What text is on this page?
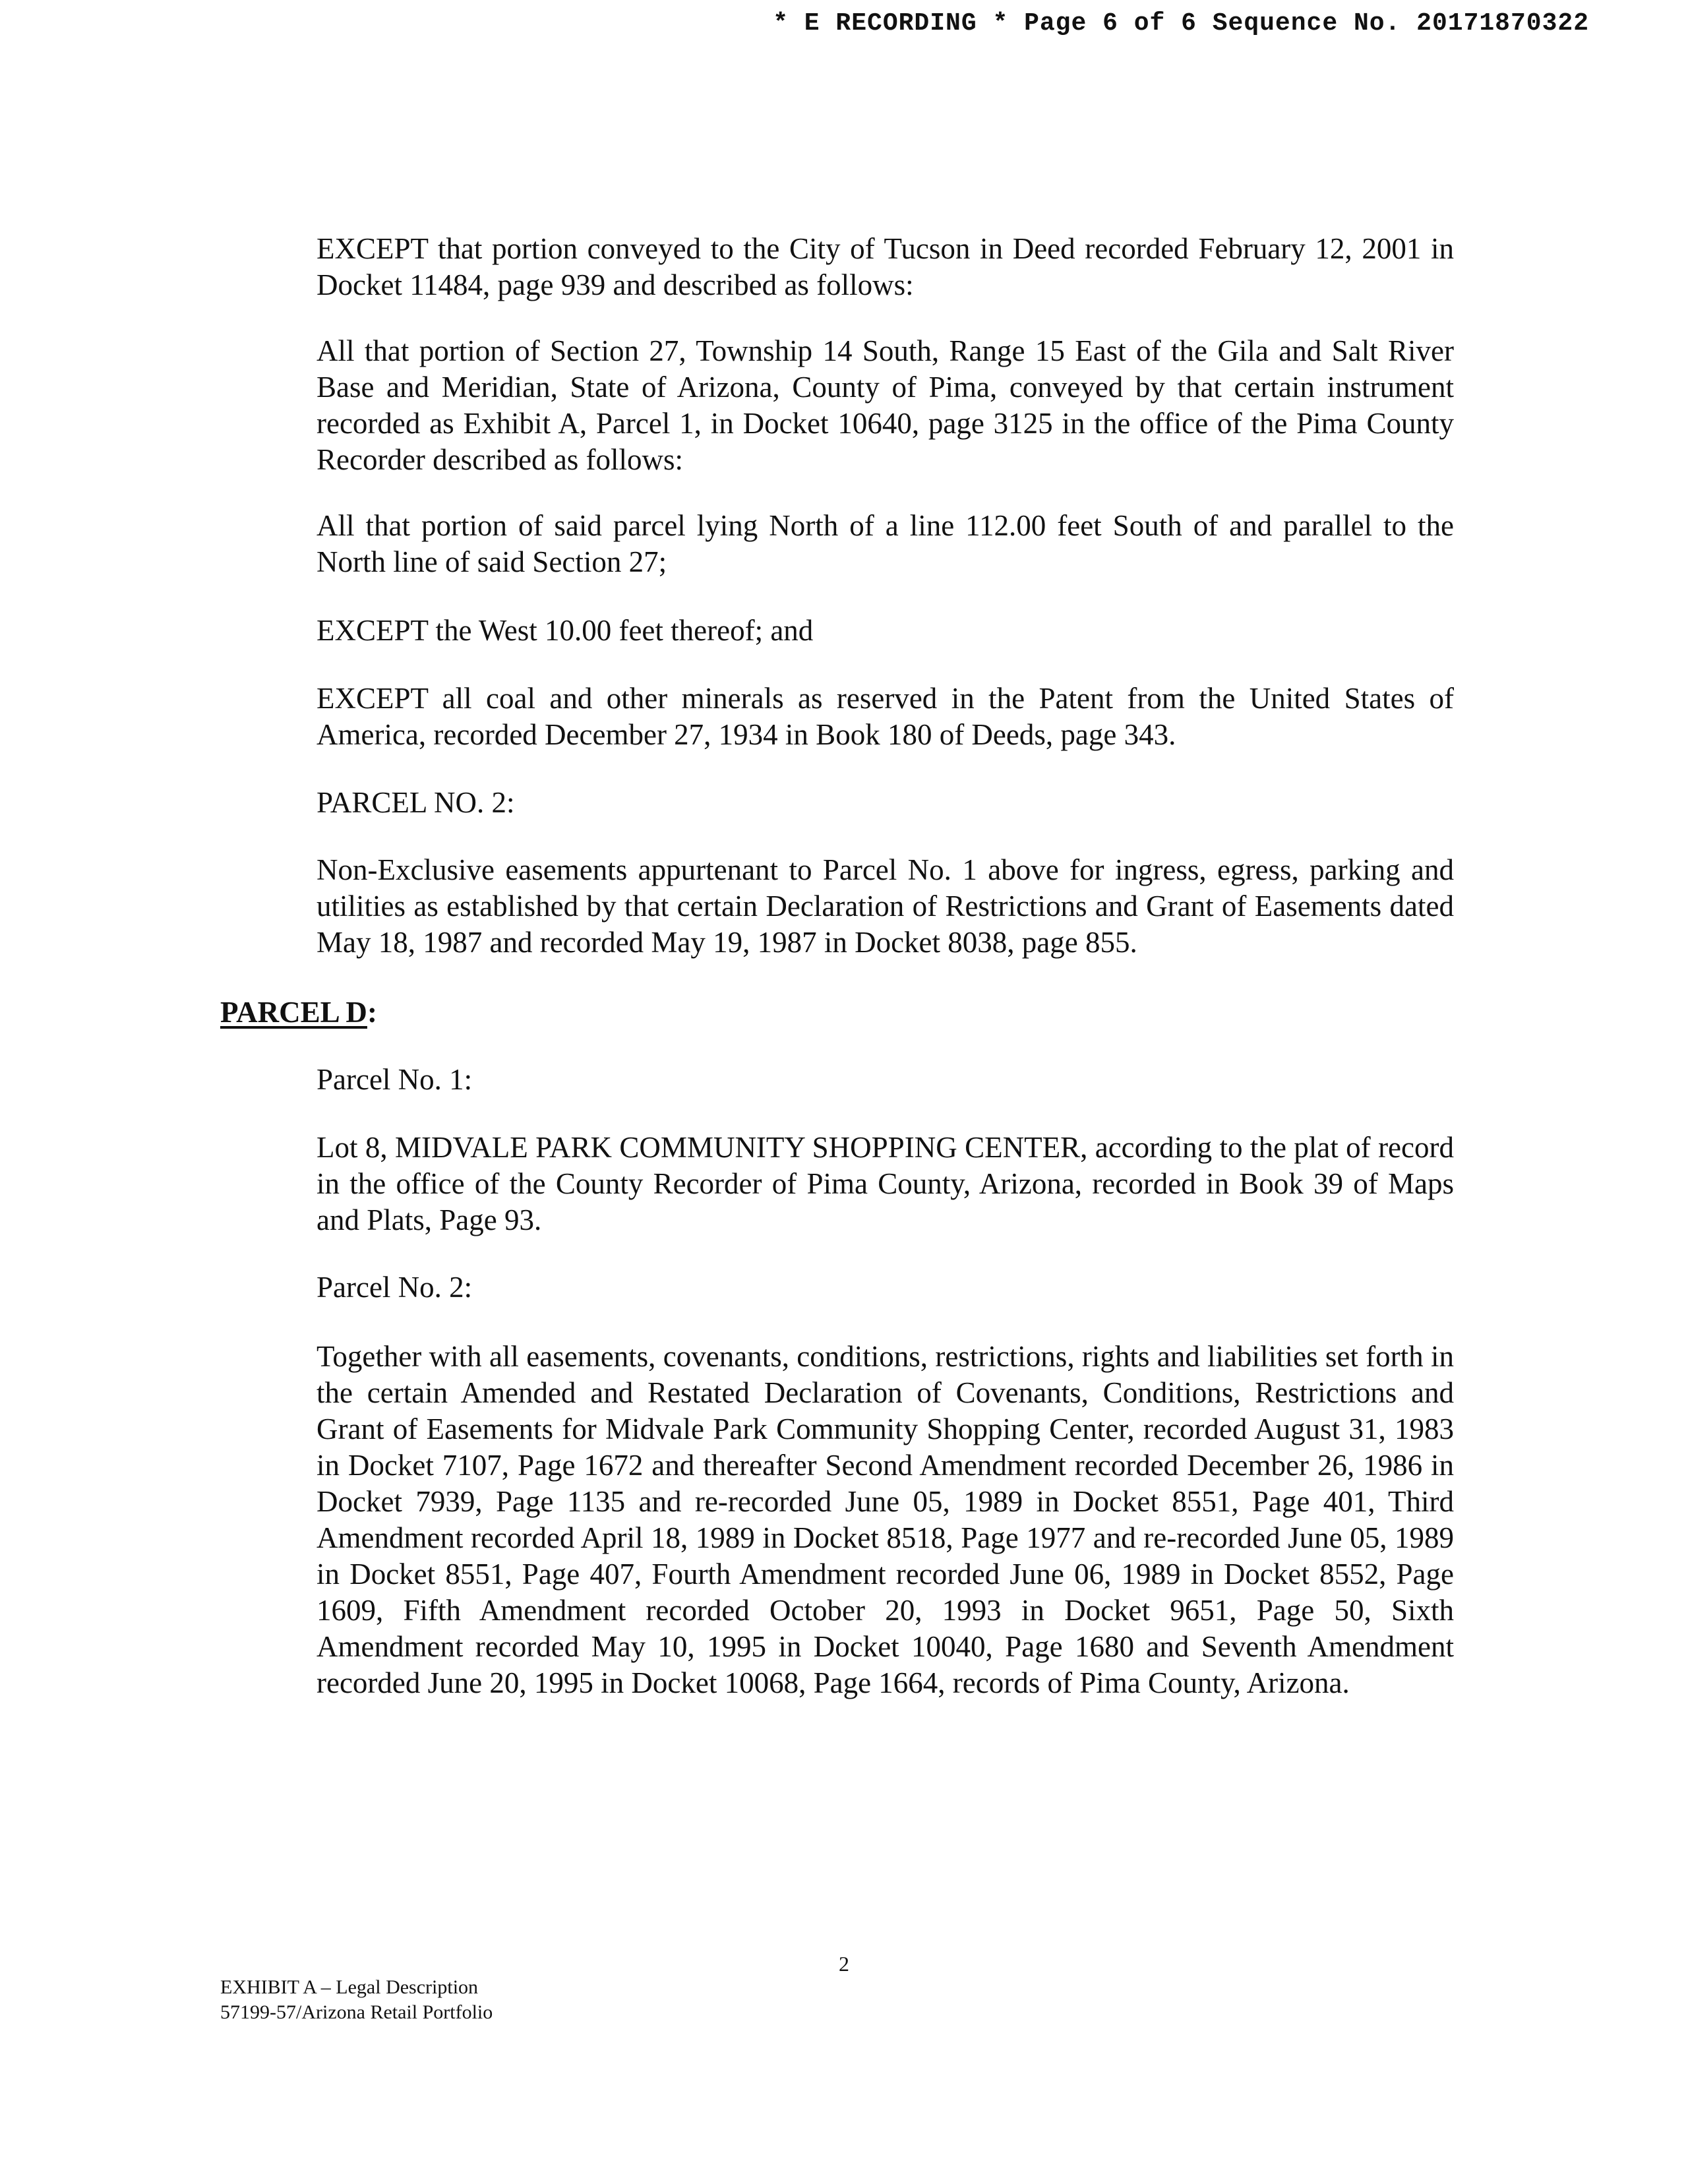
* E RECORDING * Page 6 of 6 Sequence No. 20171870322

EXCEPT that portion conveyed to the City of Tucson in Deed recorded February 12, 2001 in Docket 11484, page 939 and described as follows:

All that portion of Section 27, Township 14 South, Range 15 East of the Gila and Salt River Base and Meridian, State of Arizona, County of Pima, conveyed by that certain instrument recorded as Exhibit A, Parcel 1, in Docket 10640, page 3125 in the office of the Pima County Recorder described as follows:

All that portion of said parcel lying North of a line 112.00 feet South of and parallel to the North line of said Section 27;

EXCEPT the West 10.00 feet thereof; and

EXCEPT all coal and other minerals as reserved in the Patent from the United States of America, recorded December 27, 1934 in Book 180 of Deeds, page 343.

PARCEL NO. 2:

Non-Exclusive easements appurtenant to Parcel No. 1 above for ingress, egress, parking and utilities as established by that certain Declaration of Restrictions and Grant of Easements dated May 18, 1987 and recorded May 19, 1987 in Docket 8038, page 855.

PARCEL D:

Parcel No. 1:

Lot 8, MIDVALE PARK COMMUNITY SHOPPING CENTER, according to the plat of record in the office of the County Recorder of Pima County, Arizona, recorded in Book 39 of Maps and Plats, Page 93.

Parcel No. 2:

Together with all easements, covenants, conditions, restrictions, rights and liabilities set forth in the certain Amended and Restated Declaration of Covenants, Conditions, Restrictions and Grant of Easements for Midvale Park Community Shopping Center, recorded August 31, 1983 in Docket 7107, Page 1672 and thereafter Second Amendment recorded December 26, 1986 in Docket 7939, Page 1135 and re-recorded June 05, 1989 in Docket 8551, Page 401, Third Amendment recorded April 18, 1989 in Docket 8518, Page 1977 and re-recorded June 05, 1989 in Docket 8551, Page 407, Fourth Amendment recorded June 06, 1989 in Docket 8552, Page 1609, Fifth Amendment recorded October 20, 1993 in Docket 9651, Page 50, Sixth Amendment recorded May 10, 1995 in Docket 10040, Page 1680 and Seventh Amendment recorded June 20, 1995 in Docket 10068, Page 1664, records of Pima County, Arizona.

2
EXHIBIT A – Legal Description
57199-57/Arizona Retail Portfolio
